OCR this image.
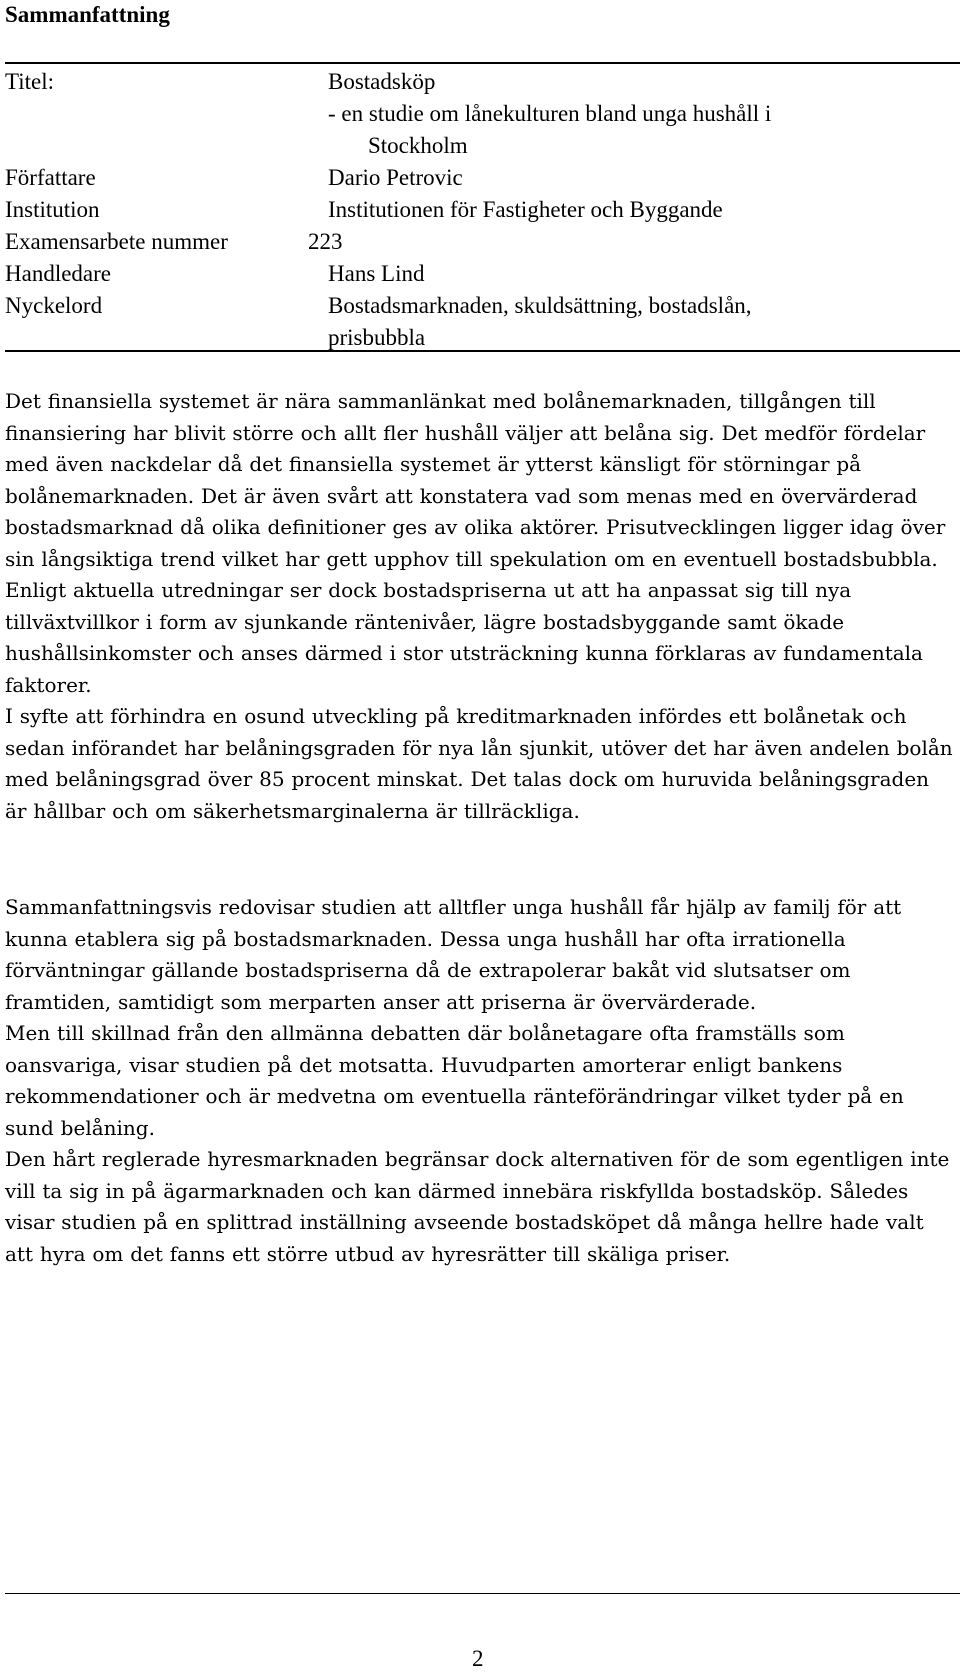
Sammanfattning
Titel:	Bostadsköp
- en studie om lånekulturen bland unga hushåll i
Stockholm
Författare	Dario Petrovic
Institution	Institutionen för Fastigheter och Byggande
Examensarbete nummer	223
Handledare	Hans Lind
Nyckelord	Bostadsmarknaden, skuldsättning, bostadslån, prisbubbla

Det finansiella systemet är nära sammanlänkat med bolånemarknaden, tillgången till finansiering har blivit större och allt fler hushåll väljer att belåna sig. Det medför fördelar med även nackdelar då det finansiella systemet är ytterst känsligt för störningar på bolånemarknaden. Det är även svårt att konstatera vad som menas med en övervärderad bostadsmarknad då olika definitioner ges av olika aktörer. Prisutvecklingen ligger idag över sin långsiktiga trend vilket har gett upphov till spekulation om en eventuell bostadsbubbla. Enligt aktuella utredningar ser dock bostadspriserna ut att ha anpassat sig till nya tillväxtvillkor i form av sjunkande räntenivåer, lägre bostadsbyggande samt ökade hushållsinkomster och anses därmed i stor utsträckning kunna förklaras av fundamentala faktorer.

I syfte att förhindra en osund utveckling på kreditmarknaden infördes ett bolånetak och sedan införandet har belåningsgraden för nya lån sjunkit, utöver det har även andelen bolån med belåningsgrad över 85 procent minskat. Det talas dock om huruvida belåningsgraden är hållbar och om säkerhetsmarginalerna är tillräckliga.

Sammanfattningsvis redovisar studien att alltfler unga hushåll får hjälp av familj för att kunna etablera sig på bostadsmarknaden. Dessa unga hushåll har ofta irrationella förväntningar gällande bostadspriserna då de extrapolerar bakåt vid slutsatser om framtiden, samtidigt som merparten anser att priserna är övervärderade.

Men till skillnad från den allmänna debatten där bolånetagare ofta framställs som oansvariga, visar studien på det motsatta. Huvudparten amorterar enligt bankens rekommendationer och är medvetna om eventuella ränteförändringar vilket tyder på en sund belåning.

Den hårt reglerade hyresmarknaden begränsar dock alternativen för de som egentligen inte vill ta sig in på ägarmarknaden och kan därmed innebära riskfyllda bostadsköp. Således visar studien på en splittrad inställning avseende bostadsköpet då många hellre hade valt att hyra om det fanns ett större utbud av hyresrätter till skäliga priser.

2
